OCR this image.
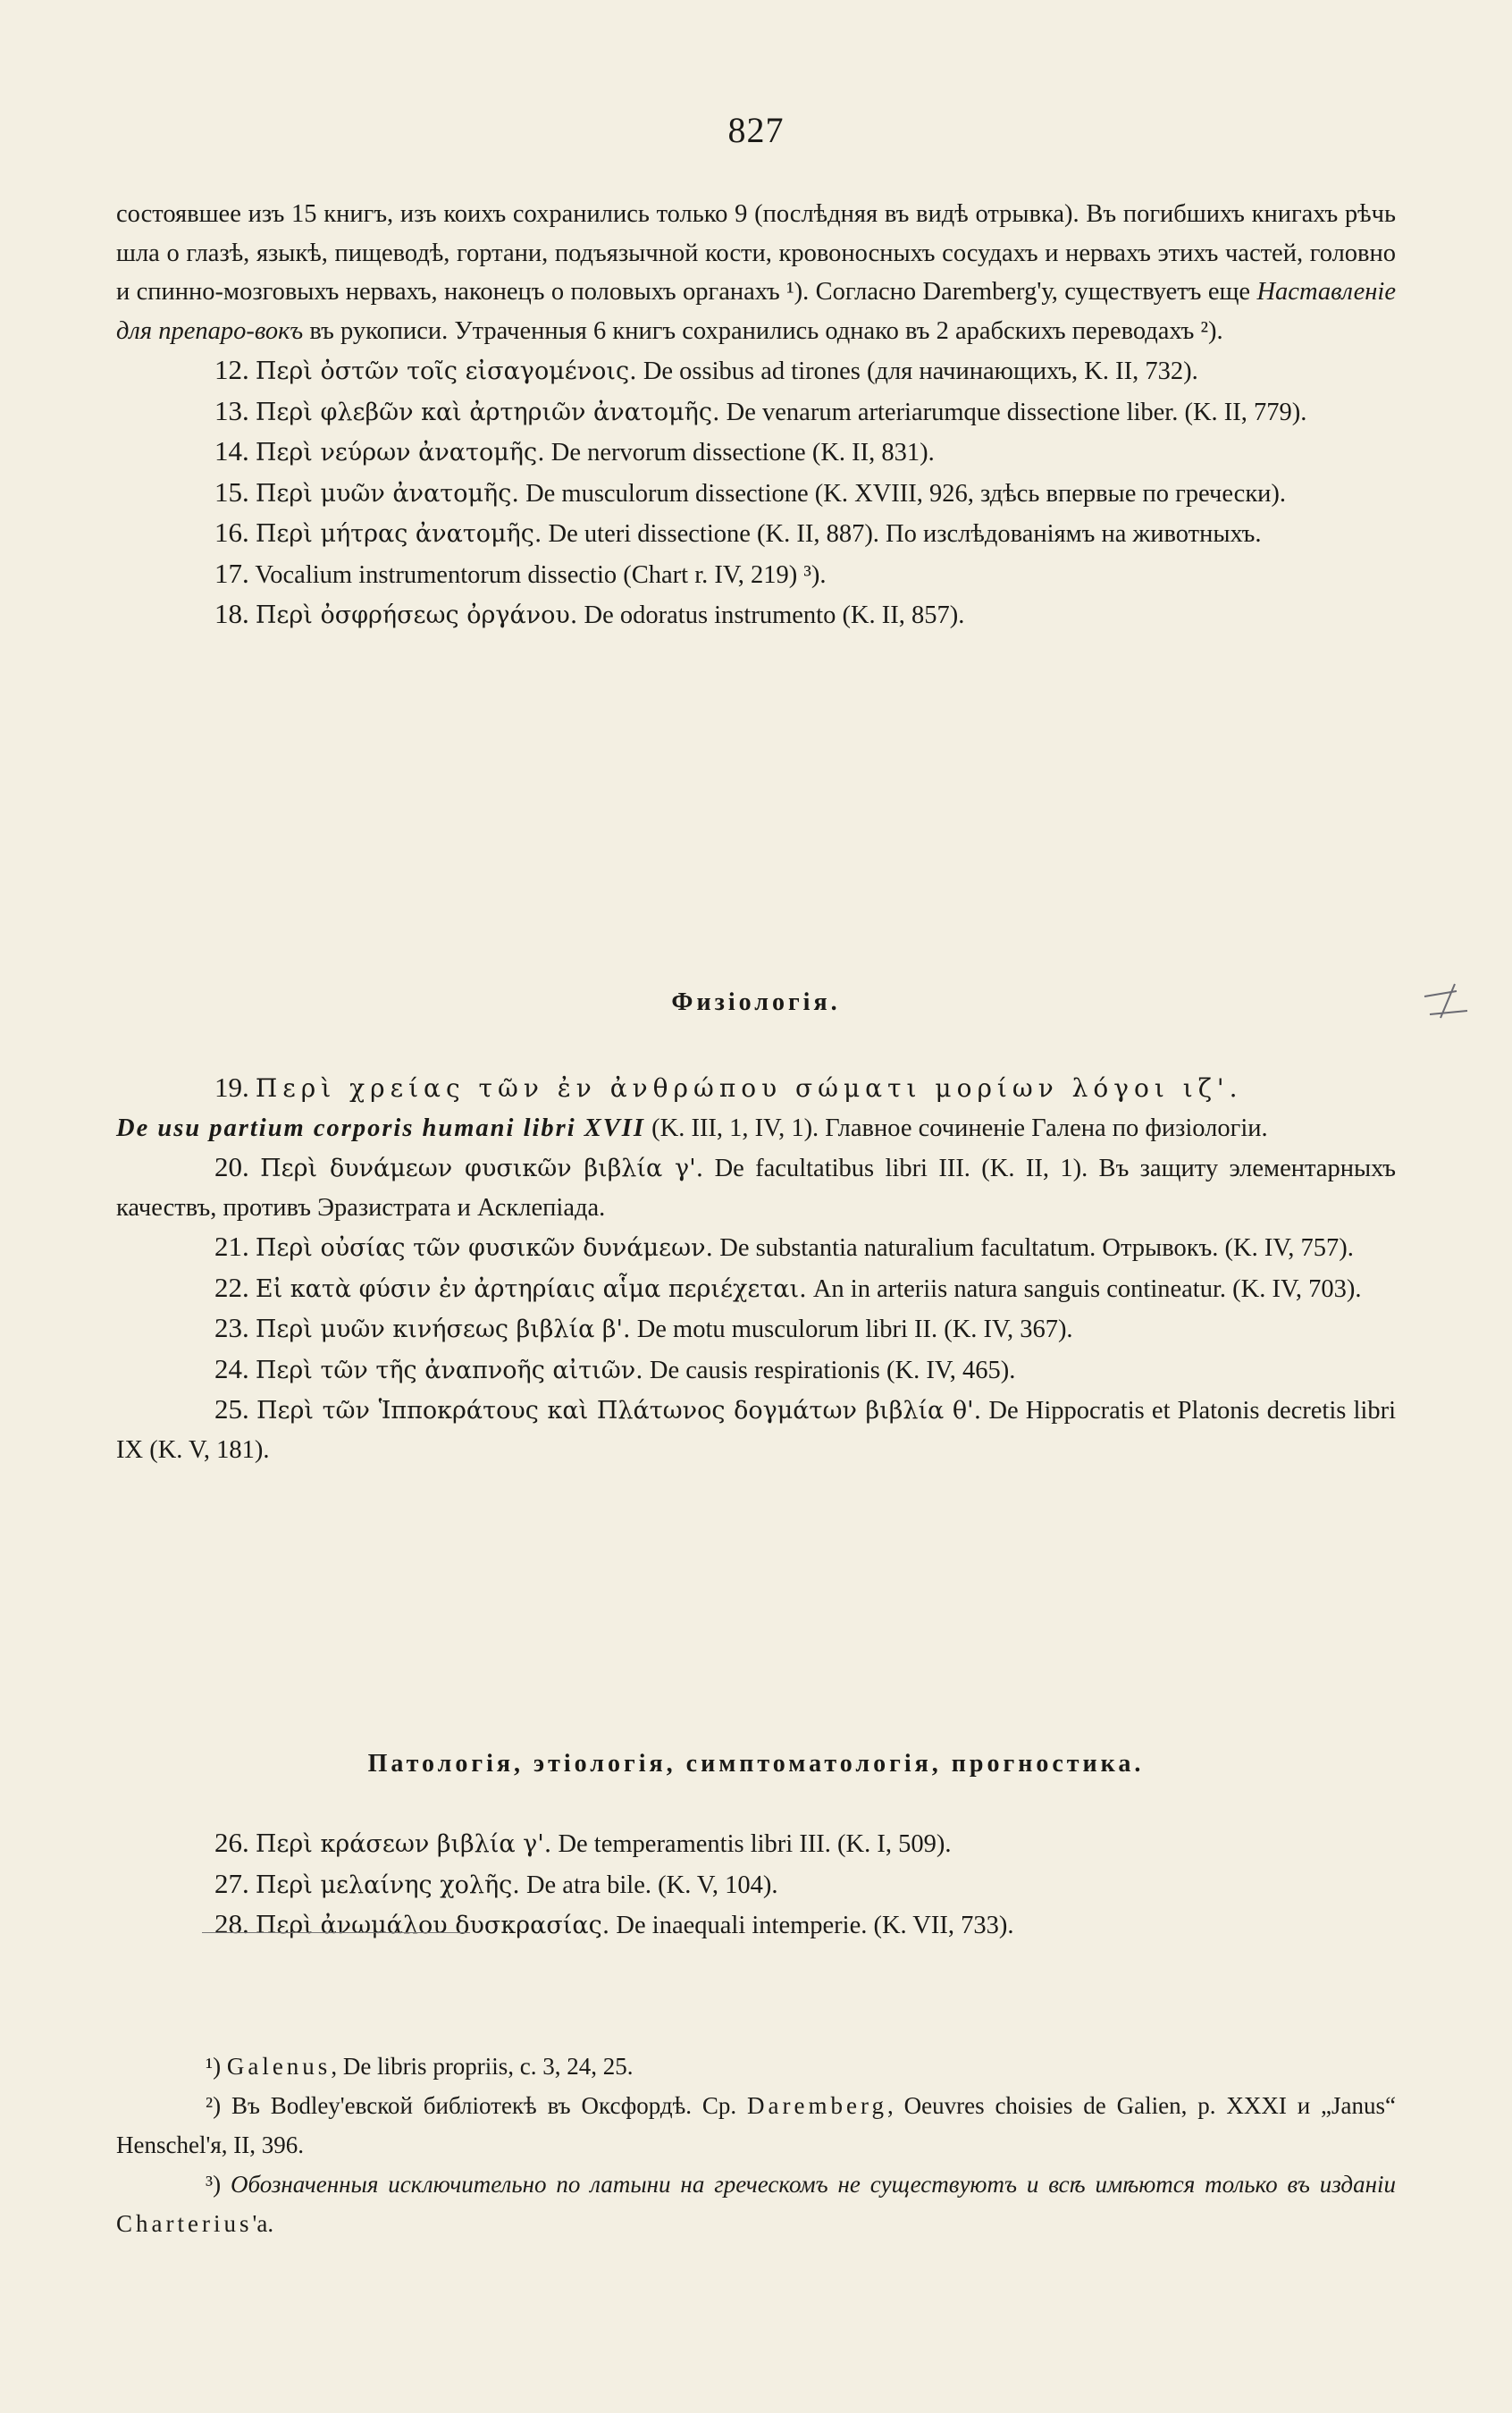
827

состоявшее изъ 15 книгъ, изъ коихъ сохранились только 9 (послѣдняя въ видѣ отрывка). Въ погибшихъ книгахъ рѣчь шла о глазѣ, языкѣ, пищеводѣ, гортани, подъязычной кости, кровоносныхъ сосудахъ и нервахъ этихъ частей, головно и спинно-мозговыхъ нервахъ, наконецъ о половыхъ органахъ ¹). Согласно Daremberg'у, существуетъ еще Наставленіе для препаро-вокъ въ рукописи. Утраченныя 6 книгъ сохранились однако въ 2 арабскихъ переводахъ ²).

12. Περὶ ὀστῶν τοῖς εἰσαγομένοις. De ossibus ad tirones (для начинающихъ, K. II, 732).

13. Περὶ φλεβῶν καὶ ἀρτηριῶν ἀνατομῆς. De venarum arteriarumque dissectione liber. (K. II, 779).

14. Περὶ νεύρων ἀνατομῆς. De nervorum dissectione (K. II, 831).

15. Περὶ μυῶν ἀνατομῆς. De musculorum dissectione (K. XVIII, 926, здѣсь впервые по гречески).

16. Περὶ μήτρας ἀνατομῆς. De uteri dissectione (K. II, 887). По изслѣдованіямъ на животныхъ.

17. Vocalium instrumentorum dissectio (Chart r. IV, 219) ³).

18. Περὶ ὀσφρήσεως ὀργάνου. De odoratus instrumento (K. II, 857).

Физіологія.

19. Περὶ χρείας τῶν ἐν ἀνθρώπου σώματι μορίων λόγοι ιζ'.

De usu partium corporis humani libri XVII (K. III, 1, IV, 1). Главное сочиненіе Галена по физіологіи.

20. Περὶ δυνάμεων φυσικῶν βιβλία γ'. De facultatibus libri III. (K. II, 1). Въ защиту элементарныхъ качествъ, противъ Эразистрата и Асклепіада.

21. Περὶ οὐσίας τῶν φυσικῶν δυνάμεων. De substantia naturalium facultatum. Отрывокъ. (K. IV, 757).

22. Εἰ κατὰ φύσιν ἐν ἀρτηρίαις αἷμα περιέχεται. An in arteriis natura sanguis contineatur. (K. IV, 703).

23. Περὶ μυῶν κινήσεως βιβλία β'. De motu musculorum libri II. (K. IV, 367).

24. Περὶ τῶν τῆς ἀναπνοῆς αἰτιῶν. De causis respirationis (K. IV, 465).

25. Περὶ τῶν Ἱπποκράτους καὶ Πλάτωνος δογμάτων βιβλία θ'. De Hippocratis et Platonis decretis libri IX (K. V, 181).

Патологія, этіологія, симптоматологія, прогностика.

26. Περὶ κράσεων βιβλία γ'. De temperamentis libri III. (K. I, 509).

27. Περὶ μελαίνης χολῆς. De atra bile. (K. V, 104).

28. Περὶ ἀνωμάλου δυσκρασίας. De inaequali intemperie. (K. VII, 733).

¹) Galenus, De libris propriis, c. 3, 24, 25.

²) Въ Bodley'евской библіотекѣ въ Оксфордѣ. Ср. Daremberg, Oeuvres choisies de Galien, p. XXXI и „Janus“ Henschel'я, II, 396.

³) Обозначенныя исключительно по латыни на греческомъ не существуютъ и всѣ имѣются только въ изданіи Charterius'а.
